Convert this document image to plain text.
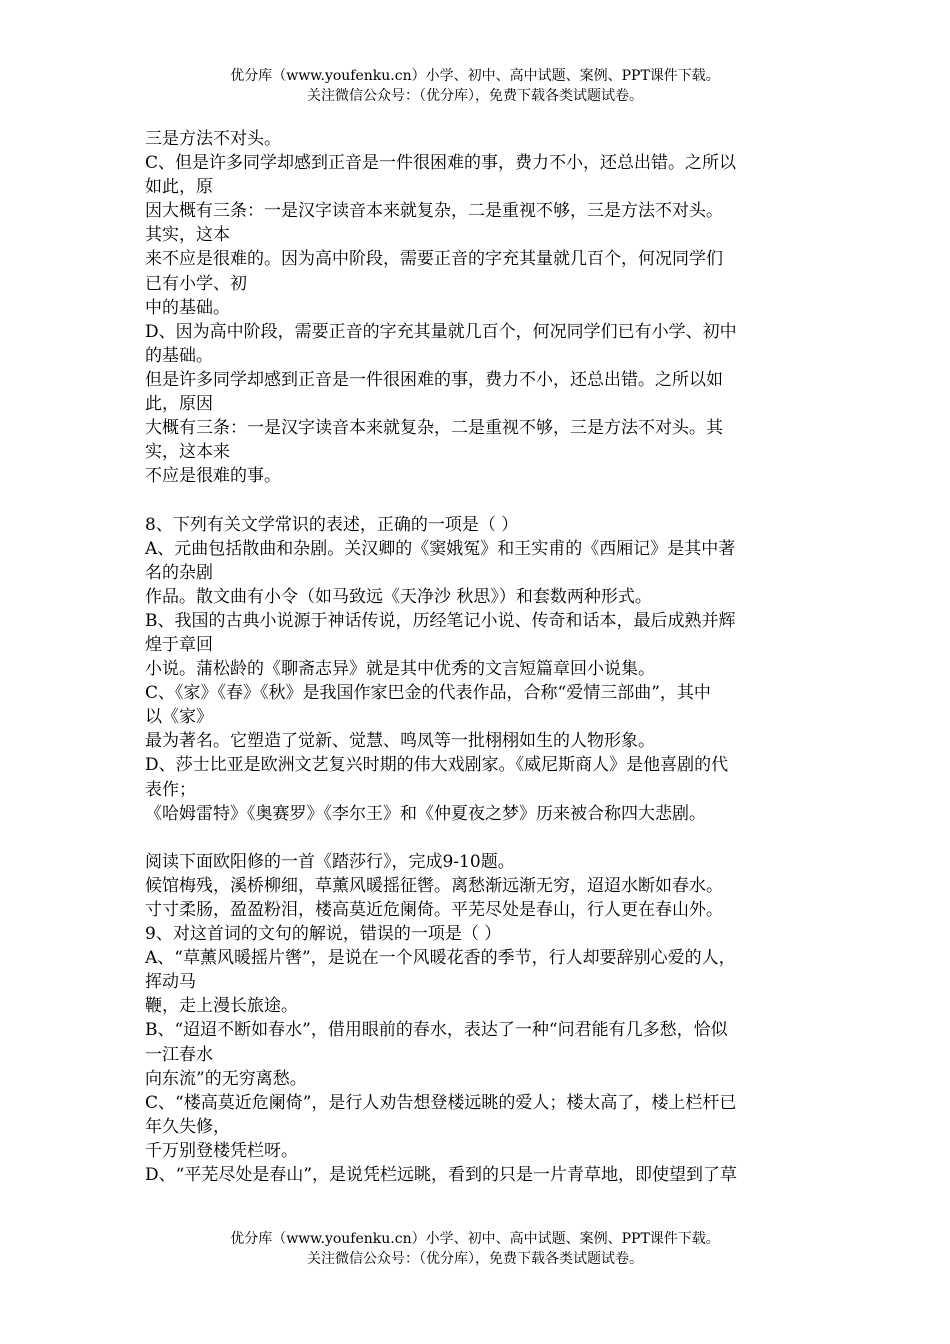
优分库（www.youfenku.cn）小学、初中、高中试题、案例、PPT课件下载。
关注微信公众号：（优分库），免费下载各类试题试卷。
三是方法不对头。
C、但是许多同学却感到正音是一件很困难的事，费力不小，还总出错。之所以
如此，原
因大概有三条：一是汉字读音本来就复杂，二是重视不够，三是方法不对头。
其实，这本
来不应是很难的。因为高中阶段，需要正音的字充其量就几百个，何况同学们
已有小学、初
中的基础。
D、因为高中阶段，需要正音的字充其量就几百个，何况同学们已有小学、初中
的基础。
但是许多同学却感到正音是一件很困难的事，费力不小，还总出错。之所以如
此，原因
大概有三条：一是汉字读音本来就复杂，二是重视不够，三是方法不对头。其
实，这本来
不应是很难的事。
8、下列有关文学常识的表述，正确的一项是（ ）
A、元曲包括散曲和杂剧。关汉卿的《窦娥冤》和王实甫的《西厢记》是其中著
名的杂剧
作品。散文曲有小令（如马致远《天净沙 秋思》）和套数两种形式。
B、我国的古典小说源于神话传说，历经笔记小说、传奇和话本，最后成熟并辉
煌于章回
小说。蒲松龄的《聊斋志异》就是其中优秀的文言短篇章回小说集。
C、《家》《春》《秋》是我国作家巴金的代表作品，合称“爱情三部曲”，其中
以《家》
最为著名。它塑造了觉新、觉慧、鸣凤等一批栩栩如生的人物形象。
D、莎士比亚是欧洲文艺复兴时期的伟大戏剧家。《威尼斯商人》是他喜剧的代
表作；
《哈姆雷特》《奥赛罗》《李尔王》和《仲夏夜之梦》历来被合称四大悲剧。
阅读下面欧阳修的一首《踏莎行》，完成9-10题。
候馆梅残，溪桥柳细，草薰风暖摇征辔。离愁渐远渐无穷，迢迢水断如春水。
寸寸柔肠，盈盈粉泪，楼高莫近危阑倚。平芜尽处是春山，行人更在春山外。
9、对这首词的文句的解说，错误的一项是（ ）
A、“草薰风暖摇片辔”，是说在一个风暖花香的季节，行人却要辞别心爱的人，
挥动马
鞭，走上漫长旅途。
B、“迢迢不断如春水”，借用眼前的春水，表达了一种“问君能有几多愁，恰似
一江春水
向东流”的无穷离愁。
C、“楼高莫近危阑倚”，是行人劝告想登楼远眺的爱人；楼太高了，楼上栏杆已
年久失修，
千万别登楼凭栏呀。
D、“平芜尽处是春山”，是说凭栏远眺，看到的只是一片青草地，即使望到了草
优分库（www.youfenku.cn）小学、初中、高中试题、案例、PPT课件下载。
关注微信公众号：（优分库），免费下载各类试题试卷。
